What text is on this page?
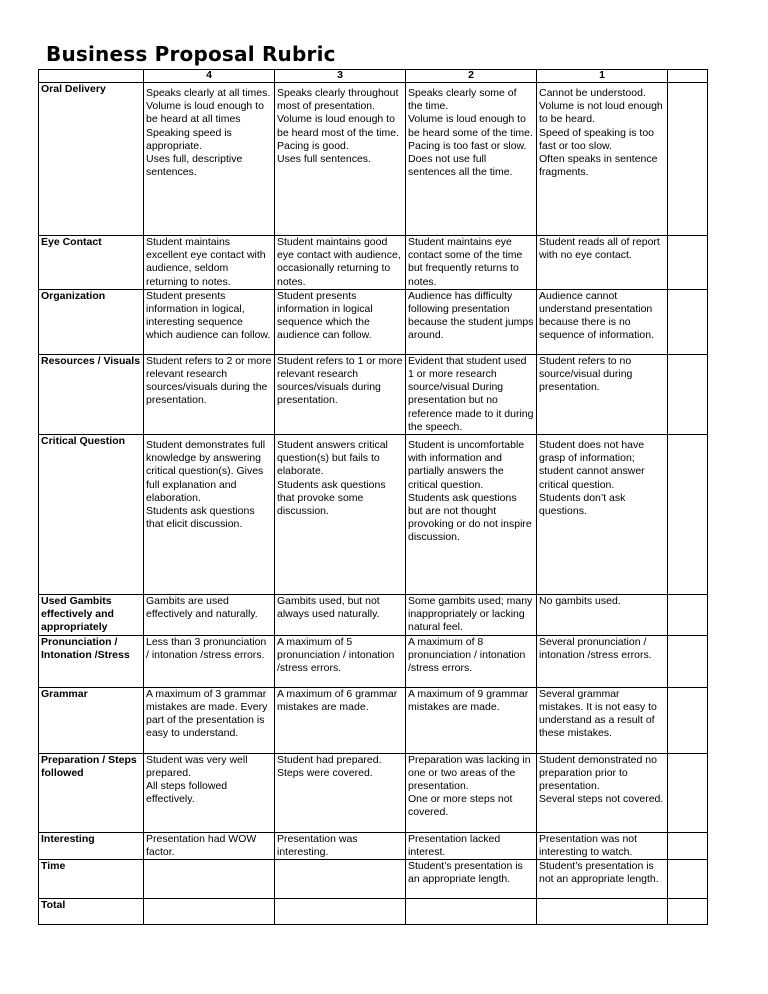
Business Proposal Rubric
	4	3	2	1	

Oral Delivery	Speaks clearly at all times.
Volume is loud enough to be heard at all times
Speaking speed is appropriate.
Uses full, descriptive sentences.	Speaks clearly throughout most of presentation.
Volume is loud enough to be heard most of the time.
Pacing is good.
Uses full sentences.	Speaks clearly some of the time.
Volume is loud enough to be heard some of the time.
Pacing is too fast or slow.
Does not use full sentences all the time.	Cannot be understood.
Volume is not loud enough to be heard.
Speed of speaking is too fast or too slow.
Often speaks in sentence fragments.	

Eye Contact	Student maintains excellent eye contact with audience, seldom returning to notes.	Student maintains good eye contact with audience, occasionally returning to notes.	Student maintains eye contact some of the time but frequently returns to notes.	Student reads all of report with no eye contact.	

Organization	Student presents information in logical, interesting sequence which audience can follow.	Student presents information in logical sequence which the audience can follow.	Audience has difficulty following presentation because the student jumps around.	Audience cannot understand presentation because there is no sequence of information.	

Resources / Visuals	Student refers to 2 or more relevant research sources/visuals during the presentation.	Student refers to 1 or more relevant research sources/visuals during presentation.	Evident that student used 1 or more research source/visual During presentation but no reference made to it during the speech.	Student refers to no source/visual during presentation.	

Critical Question	Student demonstrates full knowledge by answering critical question(s). Gives full explanation and elaboration.
Students ask questions that elicit discussion.	Student answers critical question(s) but fails to elaborate.
Students ask questions that provoke some discussion.	Student is uncomfortable with information and partially answers the critical question.
Students ask questions but are not thought provoking or do not inspire discussion.	Student does not have grasp of information; student cannot answer critical question.
Students don’t ask questions.	

Used Gambits effectively and appropriately	Gambits are used effectively and naturally.	Gambits used, but not always used naturally.	Some gambits used; many inappropriately or lacking natural feel.	No gambits used.	

Pronunciation / Intonation /Stress	Less than 3 pronunciation / intonation /stress errors.	A maximum of 5 pronunciation / intonation /stress errors.	A maximum of 8 pronunciation / intonation /stress errors.	Several pronunciation / intonation /stress errors.	

Grammar	A maximum of 3 grammar mistakes are made. Every part of the presentation is easy to understand.	A maximum of 6 grammar mistakes are made.	A maximum of 9 grammar mistakes are made.	Several grammar mistakes. It is not easy to understand as a result of these mistakes.	

Preparation / Steps followed	Student was very well prepared.
All steps followed effectively.	Student had prepared.
Steps were covered.	Preparation was lacking in one or two areas of the presentation.
One or more steps not covered.	Student demonstrated no preparation prior to presentation.
Several steps not covered.	

Interesting	Presentation had WOW factor.	Presentation was interesting.	Presentation lacked interest.	Presentation was not interesting to watch.	

Time			Student’s presentation is an appropriate length.	Student’s presentation is not an appropriate length.	

Total					
